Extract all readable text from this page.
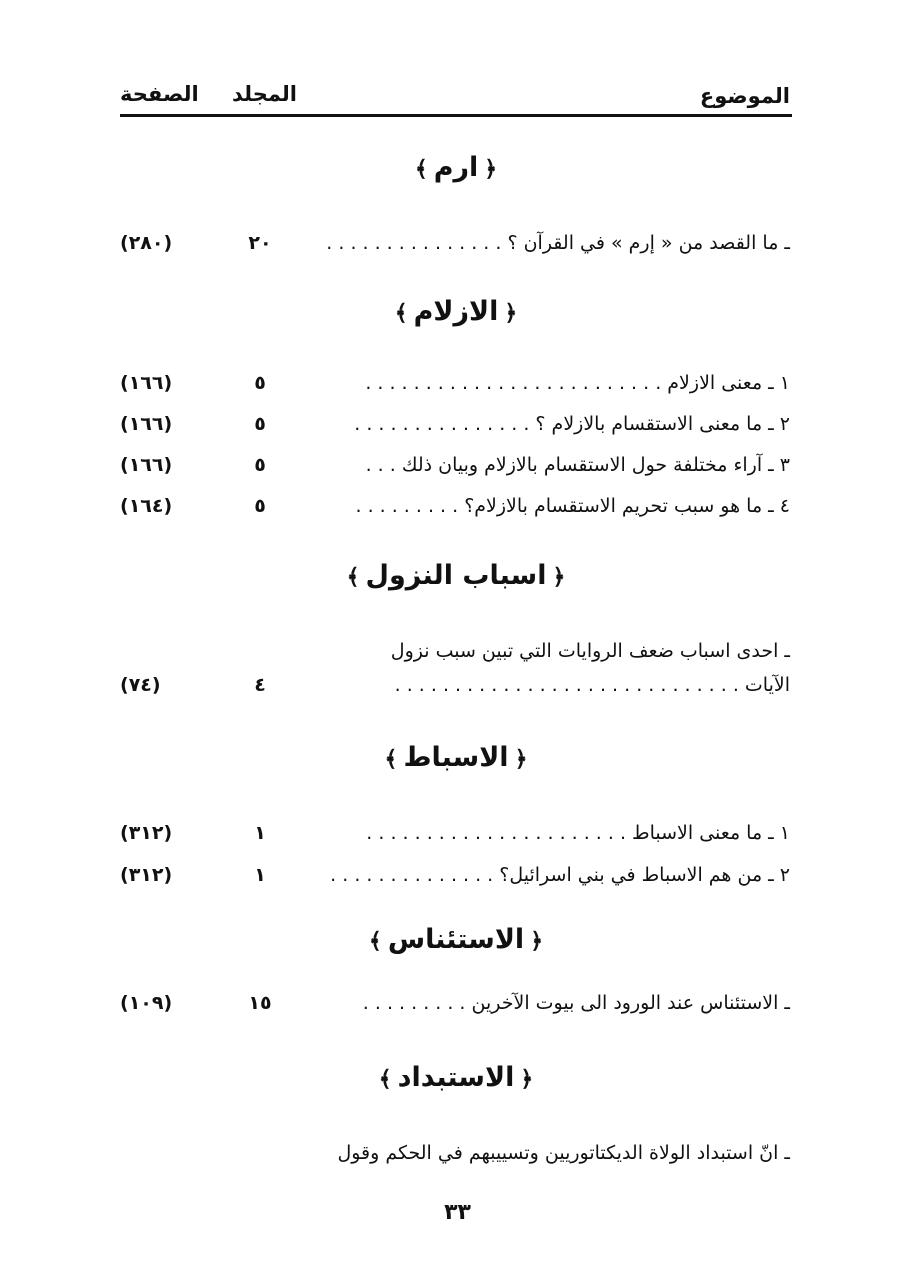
الموضوع
المجلد
الصفحة
﴿ارم﴾
ـ ما القصد من « إرم » في القرآن ؟ . . . . . . . . . . . . . . .
٢٠
(٢٨٠)
﴿الازلام﴾
١ ـ معنى الازلام . . . . . . . . . . . . . . . . . . . . . . . . .
٥
(١٦٦)
٢ ـ ما معنى الاستقسام بالازلام ؟ . . . . . . . . . . . . . . .
٥
(١٦٦)
٣ ـ آراء مختلفة حول الاستقسام بالازلام وبيان ذلك . . .
٥
(١٦٦)
٤ ـ ما هو سبب تحريم الاستقسام بالازلام؟ . . . . . . . . .
٥
(١٦٤)
﴿اسباب النزول﴾
ـ احدى اسباب ضعف الروايات التي تبين سبب نزول
الآيات . . . . . . . . . . . . . . . . . . . . . . . . . . . . .
٤
(٧٤)
﴿الاسباط﴾
١ ـ ما معنى الاسباط . . . . . . . . . . . . . . . . . . . . . .
١
(٣١٢)
٢ ـ من هم الاسباط في بني اسرائيل؟ . . . . . . . . . . . . . .
١
(٣١٢)
﴿الاستئناس﴾
ـ الاستئناس عند الورود الى بيوت الآخرين . . . . . . . . .
١٥
(١٠٩)
﴿الاستبداد﴾
ـ انّ استبداد الولاة الديكتاتوريين وتسييبهم في الحكم وقول
٣٣
